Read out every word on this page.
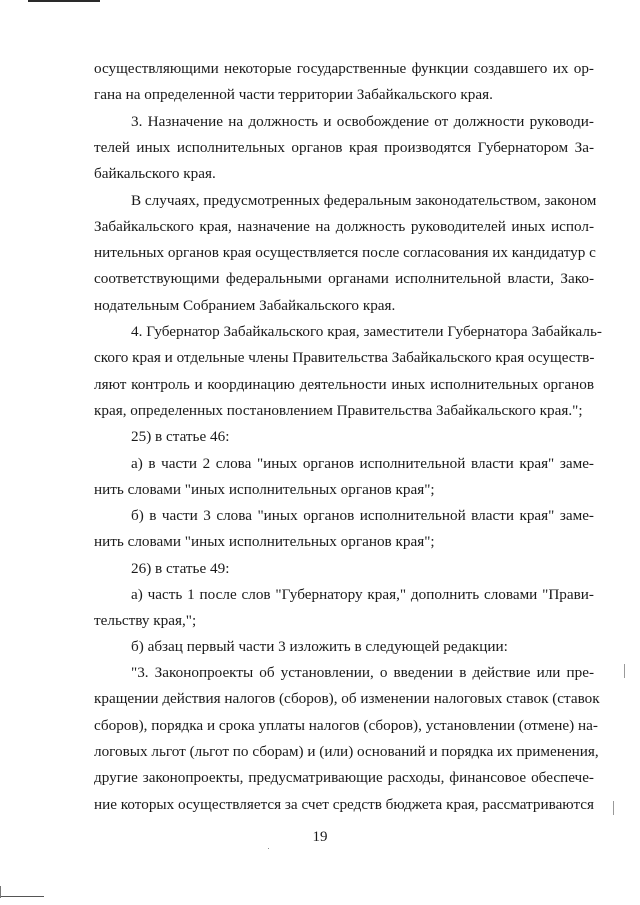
осуществляющими некоторые государственные функции создавшего их ор-
гана на определенной части территории Забайкальского края.
3. Назначение на должность и освобождение от должности руководи-
телей иных исполнительных органов края производятся Губернатором За-
байкальского края.
В случаях, предусмотренных федеральным законодательством, законом
Забайкальского края, назначение на должность руководителей иных испол-
нительных органов края осуществляется после согласования их кандидатур с
соответствующими федеральными органами исполнительной власти, Зако-
нодательным Собранием Забайкальского края.
4. Губернатор Забайкальского края, заместители Губернатора Забайкаль-
ского края и отдельные члены Правительства Забайкальского края осуществ-
ляют контроль и координацию деятельности иных исполнительных органов
края, определенных постановлением Правительства Забайкальского края.";
25) в статье 46:
а) в части 2 слова "иных органов исполнительной власти края" заме-
нить словами "иных исполнительных органов края";
б) в части 3 слова "иных органов исполнительной власти края" заме-
нить словами "иных исполнительных органов края";
26) в статье 49:
а) часть 1 после слов "Губернатору края," дополнить словами "Прави-
тельству края,";
б) абзац первый части 3 изложить в следующей редакции:
"3. Законопроекты об установлении, о введении в действие или пре-
кращении действия налогов (сборов), об изменении налоговых ставок (ставок
сборов), порядка и срока уплаты налогов (сборов), установлении (отмене) на-
логовых льгот (льгот по сборам) и (или) оснований и порядка их применения,
другие законопроекты, предусматривающие расходы, финансовое обеспече-
ние которых осуществляется за счет средств бюджета края, рассматриваются
19
